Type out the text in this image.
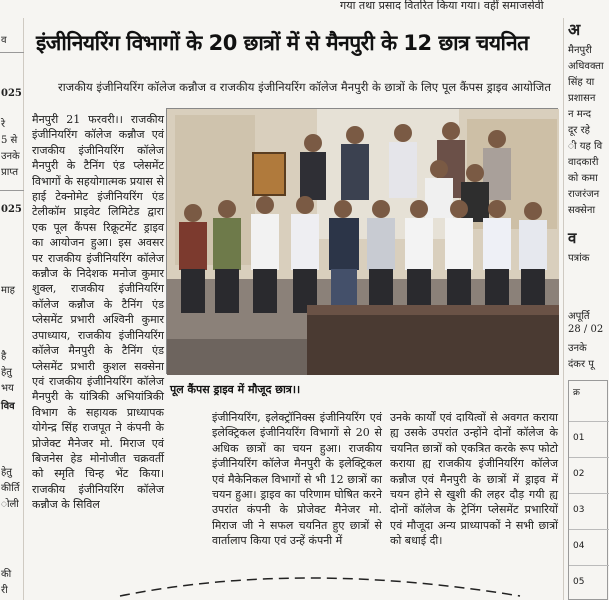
गया तथा प्रसाद वितरित किया गया। वहीं समाजसेवी
व
025
रे
5 से
उनके
प्राप्त
025
माह
है
हेतु
भय
विव
हेतु
कीर्ति
ोली
की
री
अ
मैनपुरी
अधिवक्ता
सिंह या
प्रशासन
न मन्द
दूर रहे
ी यह वि
वादकारी
को कमा
राजरंजन
सक्सेना
व
पत्रांक
अपूर्ति
28 / 02
उनके
दंकर पू
क्र
01
02
03
04
05
इंजीनियरिंग विभागों के 20 छात्रों में से मैनपुरी के 12 छात्र चयनित
राजकीय इंजीनियरिंग कॉलेज कन्नौज व राजकीय इंजीनियरिंग कॉलेज मैनपुरी के छात्रों के लिए पूल कैंपस ड्राइव आयोजित
मैनपुरी 21 फरवरी।। राजकीय इंजीनियरिंग कॉलेज कन्नौज एवं राजकीय इंजीनियरिंग कॉलेज मैनपुरी के टैनिंग एंड प्लेसमेंट विभागों के सहयोगात्मक प्रयास से हाई टेक्नोमेट इंजीनियरिंग एंड टेलीकॉम प्राइवेट लिमिटेड द्वारा एक पूल कैंपस रिक्रूटमेंट ड्राइव का आयोजन हुआ। इस अवसर पर राजकीय इंजीनियरिंग कॉलेज कन्नौज के निदेशक मनोज कुमार शुक्ल, राजकीय इंजीनियरिंग कॉलेज कन्नौज के टैनिंग एंड प्लेसमेंट प्रभारी अश्विनी कुमार उपाध्याय, राजकीय इंजीनियरिंग कॉलेज मैनपुरी के टैनिंग एंड प्लेसमेंट प्रभारी कुशल सक्सेना एवं राजकीय इंजीनियरिंग कॉलेज मैनपुरी के यांत्रिकी अभियांत्रिकी विभाग के सहायक प्राध्यापक योगेन्द्र सिंह राजपूत ने कंपनी के प्रोजेक्ट मैनेजर मो. मिराज एवं बिजनेस हेड मोनोजीत चक्रवर्ती को स्मृति चिन्ह भेंट किया। राजकीय इंजीनियरिंग कॉलेज कन्नौज के सिविल
पूल कैंपस ड्राइव में मौजूद छात्र।।
इंजीनियरिंग, इलेक्ट्रॉनिक्स इंजीनियरिंग एवं इलेक्ट्रिकल इंजीनियरिंग विभागों से 20 से अधिक छात्रों का चयन हुआ। राजकीय इंजीनियरिंग कॉलेज मैनपुरी के इलेक्ट्रिकल एवं मैकेनिकल विभागों से भी 12 छात्रों का चयन हुआ। ड्राइव का परिणाम घोषित करने उपरांत कंपनी के प्रोजेक्ट मैनेजर मो. मिराज जी ने सफल चयनित हुए छात्रों से वार्तालाप किया एवं उन्हें कंपनी में
उनके कार्यों एवं दायित्वों से अवगत कराया ह्य उसके उपरांत उन्होंने दोनों कॉलेज के चयनित छात्रों को एकत्रित करके रूप फोटो कराया ह्य राजकीय इंजीनियरिंग कॉलेज कन्नौज एवं मैनपुरी के छात्रों में ड्राइव में चयन होने से खुशी की लहर दौड़ गयी ह्य दोनों कॉलेज के ट्रेनिंग प्लेसमेंट प्रभारियों एवं मौजूदा अन्य प्राध्यापकों ने सभी छात्रों को बधाई दी।
